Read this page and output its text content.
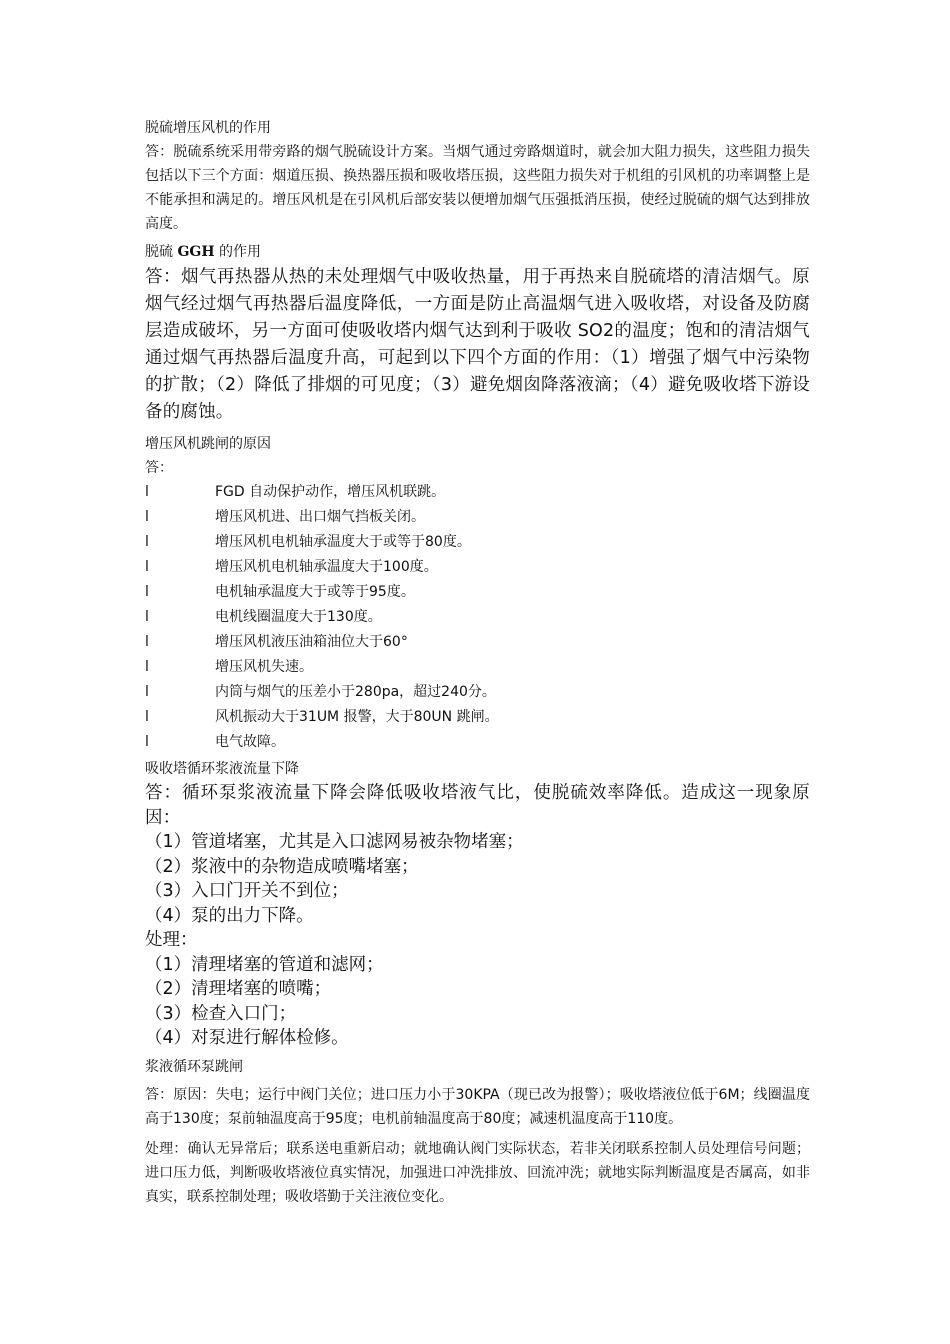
脱硫增压风机的作用
答：脱硫系统采用带旁路的烟气脱硫设计方案。当烟气通过旁路烟道时，就会加大阻力损失，这些阻力损失包括以下三个方面：烟道压损、换热器压损和吸收塔压损，这些阻力损失对于机组的引风机的功率调整上是不能承担和满足的。增压风机是在引风机后部安装以便增加烟气压强抵消压损，使经过脱硫的烟气达到排放高度。
脱硫 GGH 的作用
答：烟气再热器从热的未处理烟气中吸收热量，用于再热来自脱硫塔的清洁烟气。原烟气经过烟气再热器后温度降低，一方面是防止高温烟气进入吸收塔，对设备及防腐层造成破坏，另一方面可使吸收塔内烟气达到利于吸收 SO2的温度；饱和的清洁烟气通过烟气再热器后温度升高，可起到以下四个方面的作用：（1）增强了烟气中污染物的扩散；（2）降低了排烟的可见度；（3）避免烟囱降落液滴；（4）避免吸收塔下游设备的腐蚀。
增压风机跳闸的原因
答：
l	FGD 自动保护动作，增压风机联跳。
l	增压风机进、出口烟气挡板关闭。
l	增压风机电机轴承温度大于或等于80度。
l	增压风机电机轴承温度大于100度。
l	电机轴承温度大于或等于95度。
l	电机线圈温度大于130度。
l	增压风机液压油箱油位大于60°
l	增压风机失速。
l	内筒与烟气的压差小于280pa，超过240分。
l	风机振动大于31UM 报警，大于80UN 跳闸。
l	电气故障。
吸收塔循环浆液流量下降
答：循环泵浆液流量下降会降低吸收塔液气比，使脱硫效率降低。造成这一现象原因：
（1）管道堵塞，尤其是入口滤网易被杂物堵塞；
（2）浆液中的杂物造成喷嘴堵塞；
（3）入口门开关不到位；
（4）泵的出力下降。
处理：
（1）清理堵塞的管道和滤网；
（2）清理堵塞的喷嘴；
（3）检查入口门；
（4）对泵进行解体检修。
浆液循环泵跳闸
答：原因：失电；运行中阀门关位；进口压力小于30KPA（现已改为报警）；吸收塔液位低于6M；线圈温度高于130度；泵前轴温度高于95度；电机前轴温度高于80度；减速机温度高于110度。
处理：确认无异常后；联系送电重新启动；就地确认阀门实际状态，若非关闭联系控制人员处理信号问题；进口压力低，判断吸收塔液位真实情况，加强进口冲洗排放、回流冲洗；就地实际判断温度是否属高，如非真实，联系控制处理；吸收塔勤于关注液位变化。
